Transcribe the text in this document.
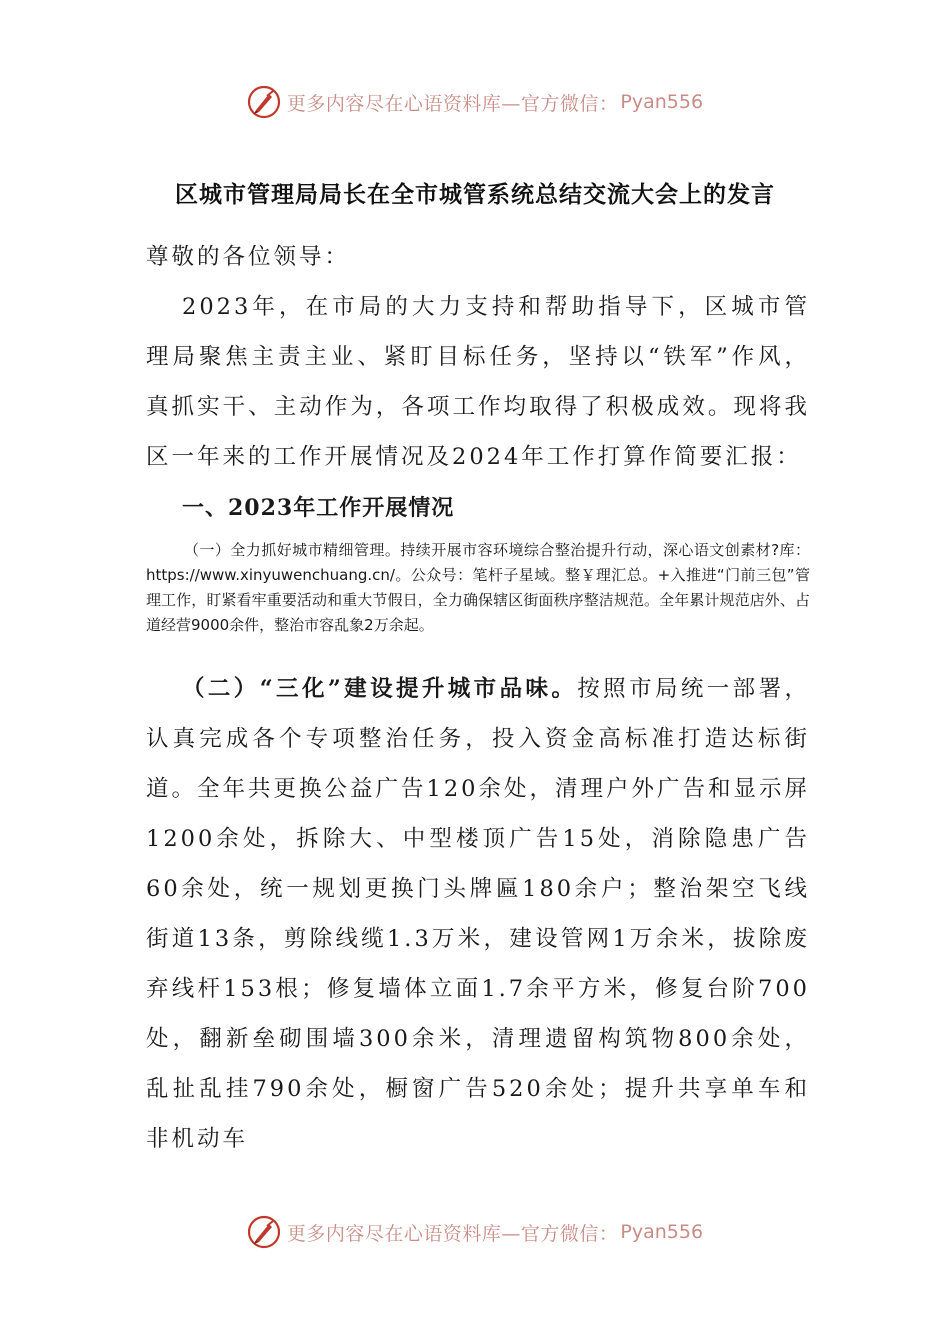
更多内容尽在心语资料库—官方微信： Pyan556
区城市管理局局长在全市城管系统总结交流大会上的发言

尊敬的各位领导：

2023年，在市局的大力支持和帮助指导下，区城市管理局聚焦主责主业、紧盯目标任务，坚持以“铁军”作风，真抓实干、主动作为，各项工作均取得了积极成效。现将我区一年来的工作开展情况及2024年工作打算作简要汇报：

一、2023年工作开展情况

（一）全力抓好城市精细管理。持续开展市容环境综合整治提升行动，深心语文创素材?库：https://www.xinyuwenchuang.cn/。公众号：笔杆子星域。整￥理汇总。+入推进“门前三包”管理工作，盯紧看牢重要活动和重大节假日，全力确保辖区街面秩序整洁规范。全年累计规范店外、占道经营9000余件，整治市容乱象2万余起。

（二）“三化”建设提升城市品味。按照市局统一部署，认真完成各个专项整治任务，投入资金高标准打造达标街道。全年共更换公益广告120余处，清理户外广告和显示屏1200余处，拆除大、中型楼顶广告15处，消除隐患广告60余处，统一规划更换门头牌匾180余户；整治架空飞线街道13条，剪除线缆1.3万米，建设管网1万余米，拔除废弃线杆153根；修复墙体立面1.7余平方米，修复台阶700处，翻新垒砌围墙300余米，清理遗留构筑物800余处，乱扯乱挂790余处，橱窗广告520余处；提升共享单车和非机动车

更多内容尽在心语资料库—官方微信： Pyan556
